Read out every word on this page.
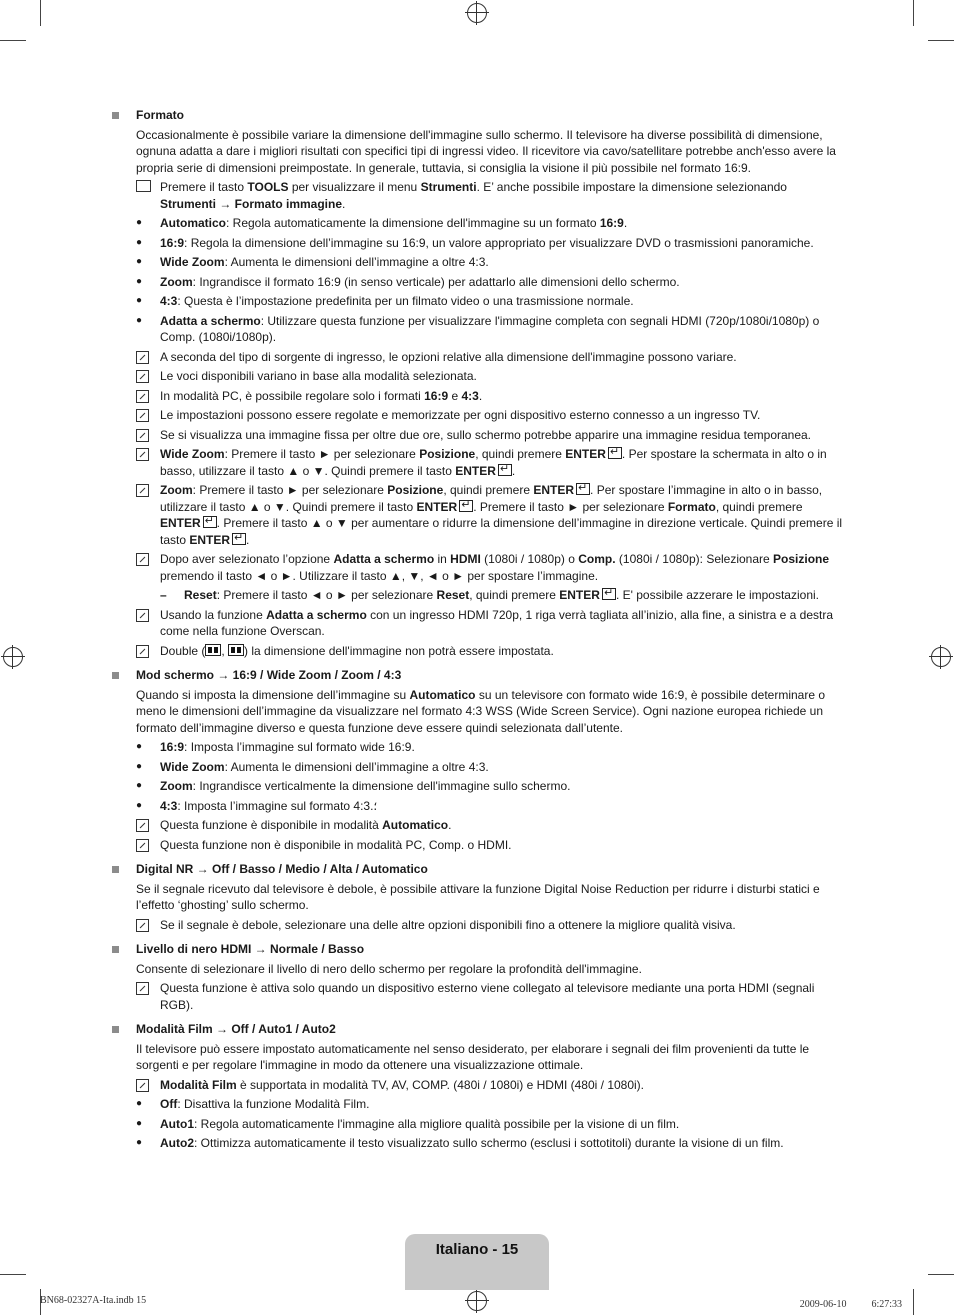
Formato
Occasionalmente è possibile variare la dimensione dell'immagine sullo schermo. Il televisore ha diverse possibilità di dimensione, ognuna adatta a dare i migliori risultati con specifici tipi di ingressi video. Il ricevitore via cavo/satellitare potrebbe anch'esso avere la propria serie di dimensioni preimpostate. In generale, tuttavia, si consiglia la visione il più possibile nel formato 16:9.
Premere il tasto TOOLS per visualizzare il menu Strumenti. E’ anche possibile impostare la dimensione selezionando Strumenti → Formato immagine.
●	Automatico: Regola automaticamente la dimensione dell'immagine su un formato 16:9.
●	16:9: Regola la dimensione dell’immagine su 16:9, un valore appropriato per visualizzare DVD o trasmissioni panoramiche.
●	Wide Zoom: Aumenta le dimensioni dell’immagine a oltre 4:3.
●	Zoom: Ingrandisce il formato 16:9 (in senso verticale) per adattarlo alle dimensioni dello schermo.
●	4:3: Questa è l’impostazione predefinita per un filmato video o una trasmissione normale.
●	Adatta a schermo: Utilizzare questa funzione per visualizzare l'immagine completa con segnali HDMI (720p/1080i/1080p) o Comp. (1080i/1080p).
A seconda del tipo di sorgente di ingresso, le opzioni relative alla dimensione dell'immagine possono variare.
Le voci disponibili variano in base alla modalità selezionata.
In modalità PC, è possibile regolare solo i formati 16:9 e 4:3.
Le impostazioni possono essere regolate e memorizzate per ogni dispositivo esterno connesso a un ingresso TV.
Se si visualizza una immagine fissa per oltre due ore, sullo schermo potrebbe apparire una immagine residua temporanea.
Wide Zoom: Premere il tasto ► per selezionare Posizione, quindi premere ENTER ↵ . Per spostare la schermata in alto o in basso, utilizzare il tasto ▲ o ▼. Quindi premere il tasto ENTER ↵ .
Zoom: Premere il tasto ► per selezionare Posizione, quindi premere ENTER ↵ . Per spostare l’immagine in alto o in basso, utilizzare il tasto ▲ o ▼. Quindi premere il tasto ENTER ↵ . Premere il tasto ► per selezionare Formato, quindi premere ENTER ↵ . Premere il tasto ▲ o ▼ per aumentare o ridurre la dimensione dell’immagine in direzione verticale. Quindi premere il tasto ENTER ↵ .
Dopo aver selezionato l’opzione Adatta a schermo in HDMI (1080i / 1080p) o Comp. (1080i / 1080p): Selezionare Posizione premendo il tasto ◄ o ►. Utilizzare il tasto ▲, ▼, ◄ o ► per spostare l’immagine.
–	Reset: Premere il tasto ◄ o ► per selezionare Reset, quindi premere ENTER ↵ . E' possibile azzerare le impostazioni.
Usando la funzione Adatta a schermo con un ingresso HDMI 720p, 1 riga verrà tagliata all’inizio, alla fine, a sinistra e a destra come nella funzione Overscan.
Double ( , ) la dimensione dell'immagine non potrà essere impostata.
Mod schermo → 16:9 / Wide Zoom / Zoom / 4:3
Quando si imposta la dimensione dell’immagine su Automatico su un televisore con formato wide 16:9, è possibile determinare o meno le dimensioni dell’immagine da visualizzare nel formato 4:3 WSS (Wide Screen Service). Ogni nazione europea richiede un formato dell’immagine diverso e questa funzione deve essere quindi selezionata dall’utente.
●	16:9: Imposta l’immagine sul formato wide 16:9.
●	Wide Zoom: Aumenta le dimensioni dell’immagine a oltre 4:3.
●	Zoom: Ingrandisce verticalmente la dimensione dell'immagine sullo schermo.
●	4:3: Imposta l’immagine sul formato 4:3.؛
Questa funzione è disponibile in modalità Automatico.
Questa funzione non è disponibile in modalità PC, Comp. o HDMI.
Digital NR → Off / Basso / Medio / Alta / Automatico
Se il segnale ricevuto dal televisore è debole, è possibile attivare la funzione Digital Noise Reduction per ridurre i disturbi statici e l’effetto ‘ghosting’ sullo schermo.
Se il segnale è debole, selezionare una delle altre opzioni disponibili fino a ottenere la migliore qualità visiva.
Livello di nero HDMI → Normale / Basso
Consente di selezionare il livello di nero dello schermo per regolare la profondità dell'immagine.
Questa funzione è attiva solo quando un dispositivo esterno viene collegato al televisore mediante una porta HDMI (segnali RGB).
Modalità Film → Off / Auto1 / Auto2
Il televisore può essere impostato automaticamente nel senso desiderato, per elaborare i segnali dei film provenienti da tutte le sorgenti e per regolare l'immagine in modo da ottenere una visualizzazione ottimale.
Modalità Film è supportata in modalità TV, AV, COMP. (480i / 1080i) e HDMI (480i / 1080i).
●	Off: Disattiva la funzione Modalità Film.
●	Auto1: Regola automaticamente l'immagine alla migliore qualità possibile per la visione di un film.
●	Auto2: Ottimizza automaticamente il testo visualizzato sullo schermo (esclusi i sottotitoli) durante la visione di un film.
Italiano - 15
BN68-02327A-Ita.indb 15	2009-06-10 　　 6:27:33
